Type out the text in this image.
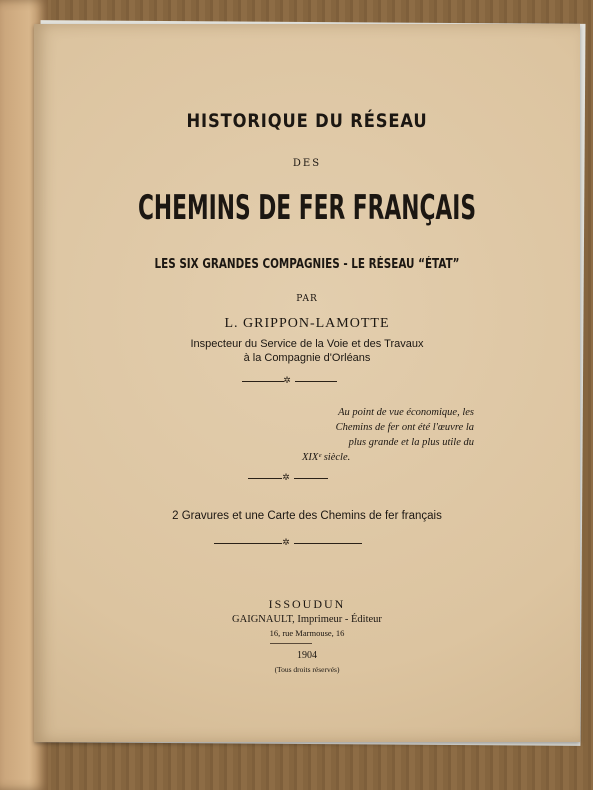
HISTORIQUE DU RÉSEAU
DES
CHEMINS DE FER FRANÇAIS
LES SIX GRANDES COMPAGNIES - LE RÉSEAU “ÉTAT”
PAR
L. GRIPPON-LAMOTTE
Inspecteur du Service de la Voie et des Travaux
à la Compagnie d'Orléans
✲
Au point de vue économique, les
Chemins de fer ont été l'œuvre la
plus grande et la plus utile du
XIXᵉ siècle.
✲
2 Gravures et une Carte des Chemins de fer français
✲
ISSOUDUN
GAIGNAULT, Imprimeur - Éditeur
16, rue Marmouse, 16
1904
(Tous droits réservés)
